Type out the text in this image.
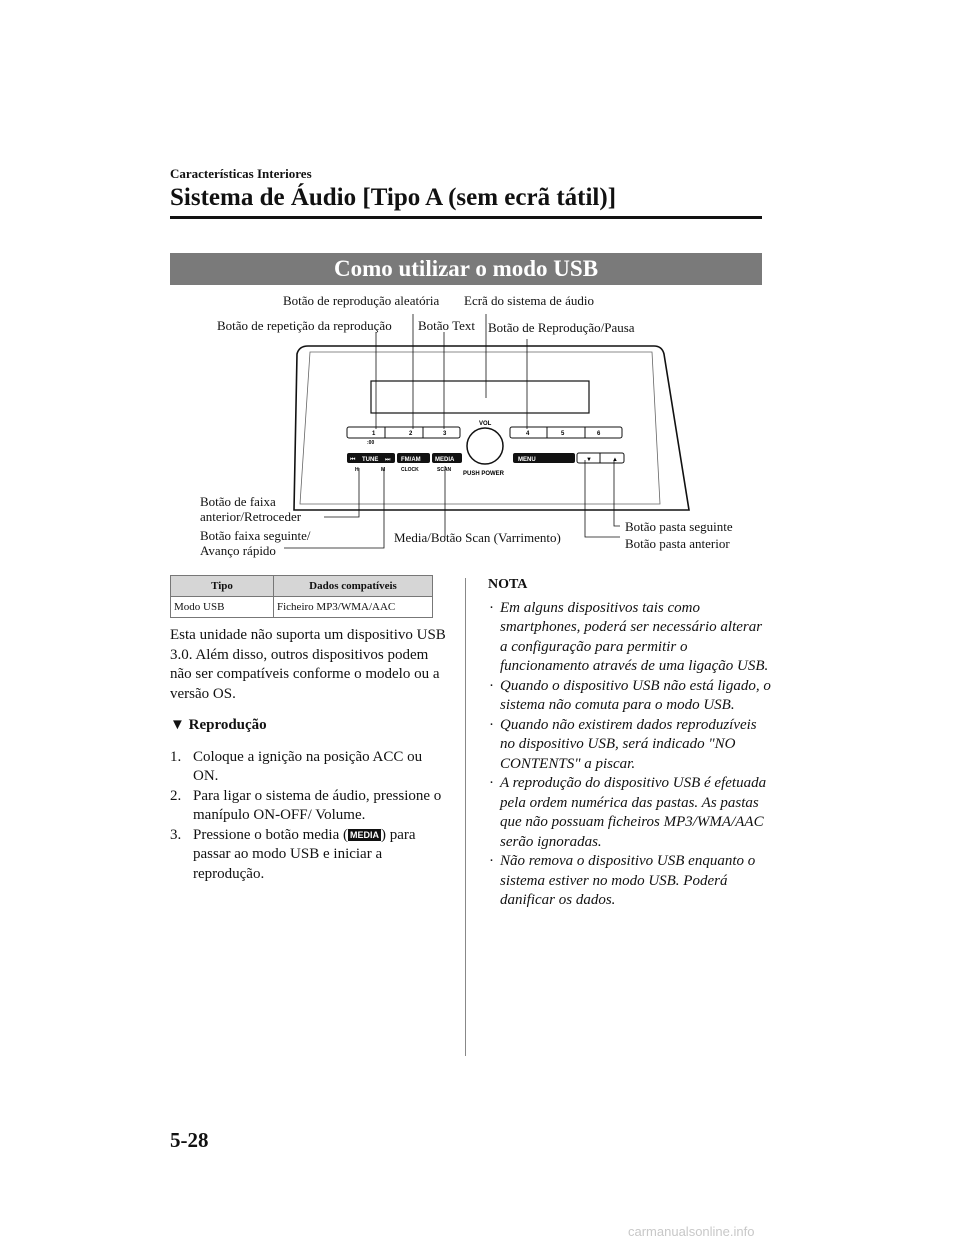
Características Interiores
Sistema de Áudio [Tipo A (sem ecrã tátil)]
Como utilizar o modo USB
1	2	3	4	5	6
:00
TUNE
⏮	⏭ FM/AM MEDIA	MENU	▼	▲
H	M	CLOCK	SCAN
VOL
PUSH POWER
Botão de reprodução aleatória Ecrã do sistema de áudio
Botão de repetição da reprodução Botão Text Botão de Reprodução/Pausa
Botão de faixa
anterior/Retroceder
Botão faixa seguinte/
Avanço rápido
Media/Botão Scan (Varrimento)
Botão pasta seguinte
Botão pasta anterior
Tipo	Dados compatíveis
Modo USB	Ficheiro MP3/WMA/AAC

Esta unidade não suporta um dispositivo USB 3.0. Além disso, outros dispositivos podem não ser compatíveis conforme o modelo ou a versão OS.

▼ Reprodução
1. Coloque a ignição na posição ACC ou ON.
2. Para ligar o sistema de áudio, pressione o manípulo ON-OFF/ Volume.
3. Pressione o botão media ( MEDIA ) para passar ao modo USB e iniciar a reprodução.
NOTA
· Em alguns dispositivos tais como smartphones, poderá ser necessário alterar a configuração para permitir o funcionamento através de uma ligação USB.
· Quando o dispositivo USB não está ligado, o sistema não comuta para o modo USB.
· Quando não existirem dados reproduzíveis no dispositivo USB, será indicado "NO CONTENTS" a piscar.
· A reprodução do dispositivo USB é efetuada pela ordem numérica das pastas. As pastas que não possuam ficheiros MP3/WMA/AAC serão ignoradas.
· Não remova o dispositivo USB enquanto o sistema estiver no modo USB. Poderá danificar os dados.
5-28
carmanualsonline.info
